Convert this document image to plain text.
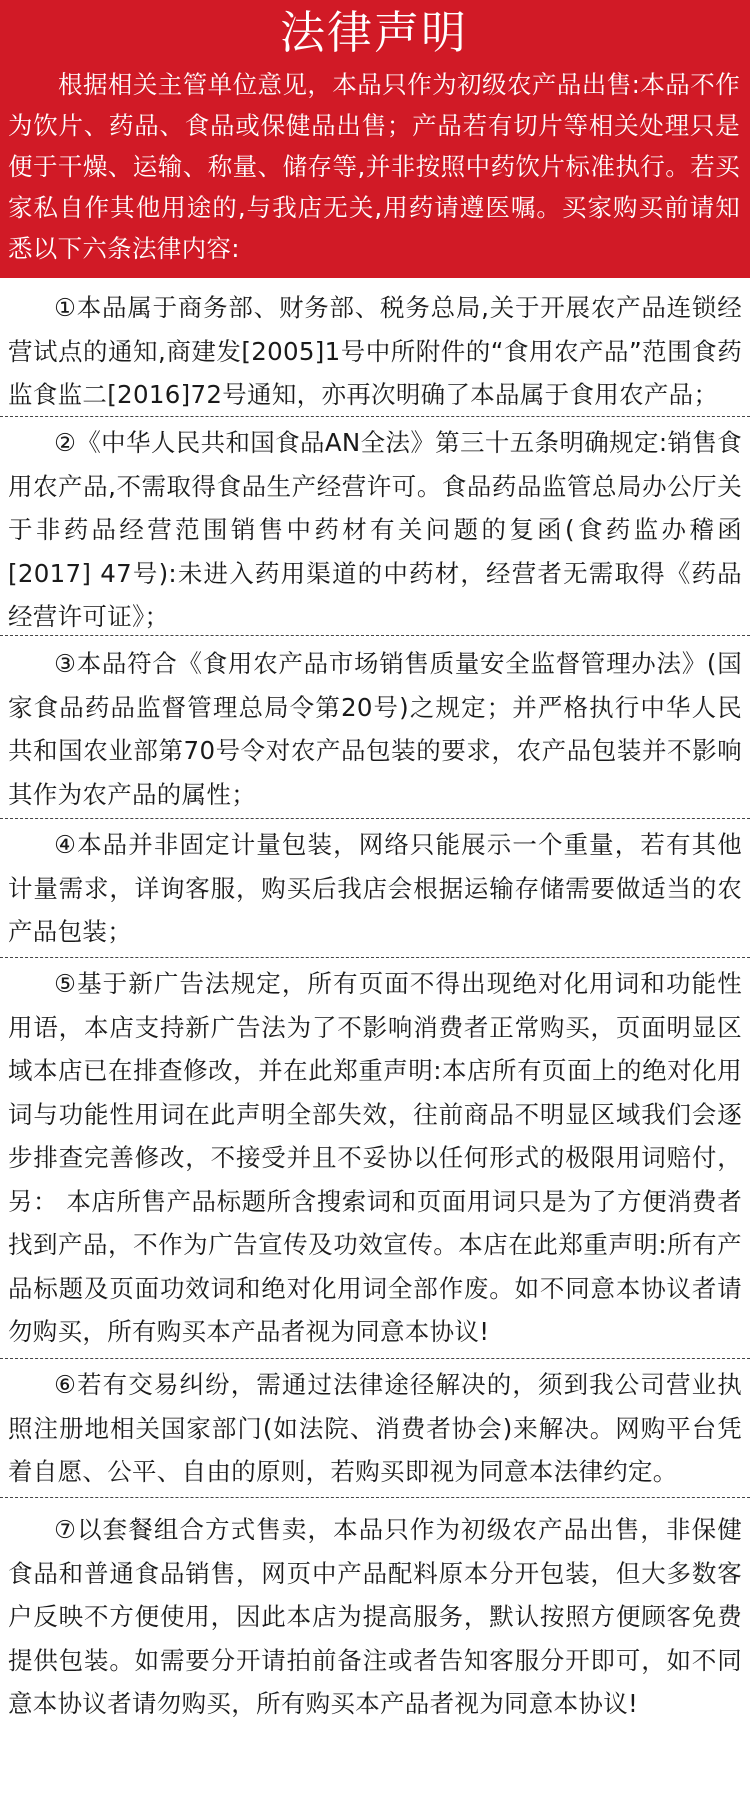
法律声明

根据相关主管单位意见，本品只作为初级农产品出售:本品不作为饮片、药品、食品或保健品出售；产品若有切片等相关处理只是便于干燥、运输、称量、储存等,并非按照中药饮片标准执行。若买家私自作其他用途的,与我店无关,用药请遵医嘱。买家购买前请知悉以下六条法律内容:

①本品属于商务部、财务部、税务总局,关于开展农产品连锁经营试点的通知,商建发[2005]1号中所附件的“食用农产品”范围食药监食监二[2016]72号通知，亦再次明确了本品属于食用农产品；

②《中华人民共和国食品AN全法》第三十五条明确规定:销售食用农产品,不需取得食品生产经营许可。食品药品监管总局办公厅关于非药品经营范围销售中药材有关问题的复函(食药监办稽函[2017] 47号):未进入药用渠道的中药材，经营者无需取得《药品经营许可证》；

③本品符合《食用农产品市场销售质量安全监督管理办法》(国家食品药品监督管理总局令第20号)之规定；并严格执行中华人民共和国农业部第70号令对农产品包装的要求，农产品包装并不影响其作为农产品的属性；

④本品并非固定计量包装，网络只能展示一个重量，若有其他计量需求，详询客服，购买后我店会根据运输存储需要做适当的农产品包装；

⑤基于新广告法规定，所有页面不得出现绝对化用词和功能性用语，本店支持新广告法为了不影响消费者正常购买，页面明显区域本店已在排查修改，并在此郑重声明:本店所有页面上的绝对化用词与功能性用词在此声明全部失效，往前商品不明显区域我们会逐步排查完善修改，不接受并且不妥协以任何形式的极限用词赔付，另： 本店所售产品标题所含搜索词和页面用词只是为了方便消费者找到产品，不作为广告宣传及功效宣传。本店在此郑重声明:所有产品标题及页面功效词和绝对化用词全部作废。如不同意本协议者请勿购买，所有购买本产品者视为同意本协议!

⑥若有交易纠纷，需通过法律途径解决的，须到我公司营业执照注册地相关国家部门(如法院、消费者协会)来解决。网购平台凭着自愿、公平、自由的原则，若购买即视为同意本法律约定。

⑦以套餐组合方式售卖，本品只作为初级农产品出售，非保健食品和普通食品销售，网页中产品配料原本分开包装，但大多数客户反映不方便使用，因此本店为提高服务，默认按照方便顾客免费提供包装。如需要分开请拍前备注或者告知客服分开即可，如不同意本协议者请勿购买，所有购买本产品者视为同意本协议!
